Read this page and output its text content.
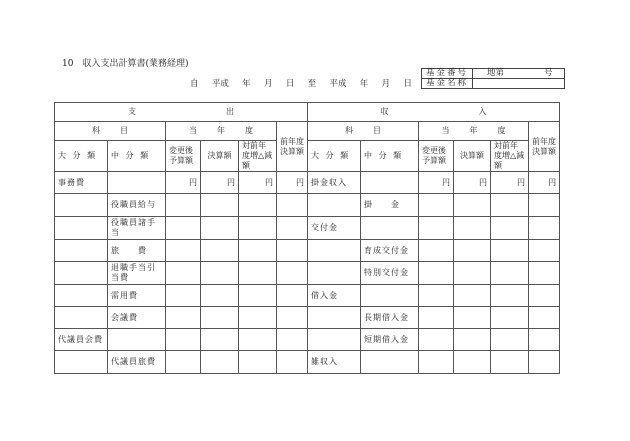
10　収入支出計算書(業務経理)
自 平成 年 月 日 至 平成 年 月 日
基金番号	地第 号
基金名称	
支 出						収 入					
科 目		当 年 度			前年度決算額	科 目		当 年 度			前年度決算額
大 分 類	中 分 類	変更後予算額	決算額	対前年度増△減額		大 分 類	中 分 類	変更後予算額	決算額	対前年度増△減額	
事務費		円	円	円	円	掛金収入		円	円	円	円
	役職員給与						掛　　金				
	役職員諸手当					交付金					
	旅　　費						育成交付金				
	退職手当引当費						特別交付金				
	需用費					借入金					
	会議費						長期借入金				
代議員会費							短期借入金				
	代議員旅費					雑収入					
